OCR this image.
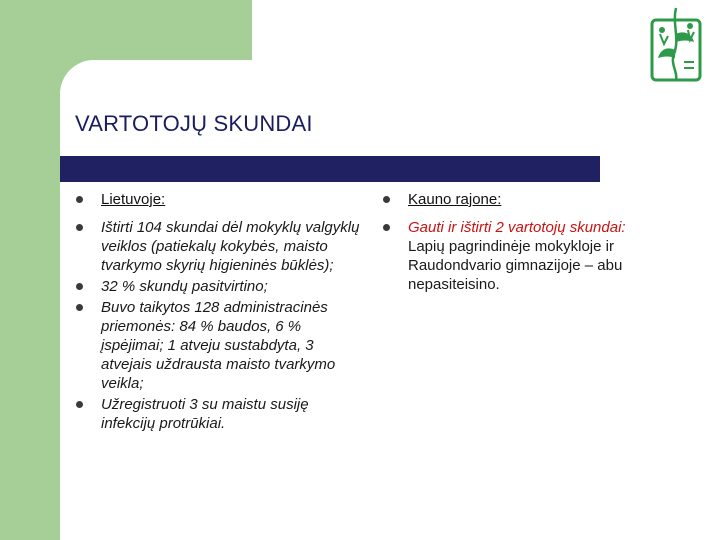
VARTOTOJŲ SKUNDAI
Lietuvoje:
Ištirti 104 skundai dėl mokyklų valgyklų veiklos (patiekalų kokybės, maisto tvarkymo skyrių higieninės būklės);
32 % skundų pasitvirtino;
Buvo taikytos 128 administracinės priemonės: 84 % baudos, 6 % įspėjimai; 1 atveju sustabdyta, 3 atvejais uždrausta maisto tvarkymo veikla;
Užregistruoti 3 su maistu susiję infekcijų protrūkiai.
Kauno rajone:
Gauti ir ištirti 2 vartotojų skundai:
Lapių pagrindinėje mokykloje ir Raudondvario gimnazijoje – abu nepasiteisino.
